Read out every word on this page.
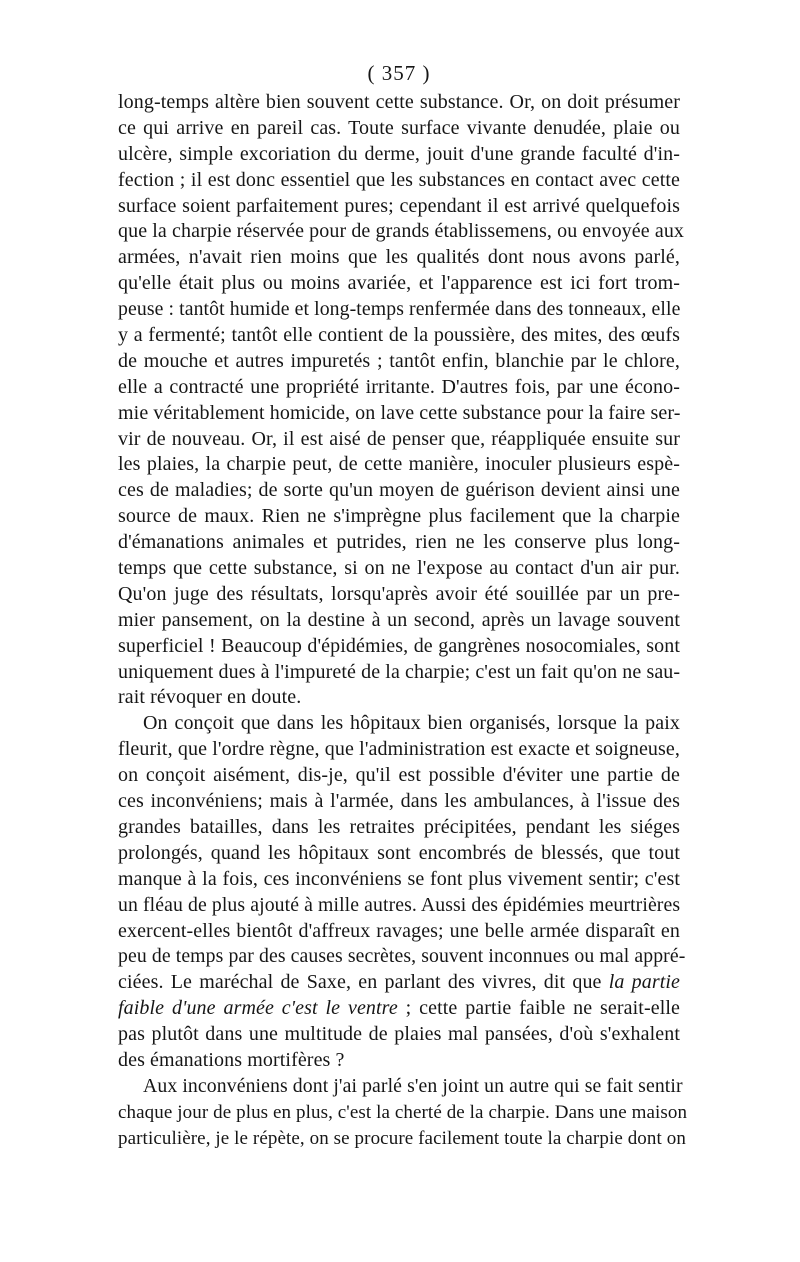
( 357 )

long-temps altère bien souvent cette substance. Or, on doit présumer
ce qui arrive en pareil cas. Toute surface vivante denudée, plaie ou
ulcère, simple excoriation du derme, jouit d'une grande faculté d'in-
fection ; il est donc essentiel que les substances en contact avec cette
surface soient parfaitement pures; cependant il est arrivé quelquefois
que la charpie réservée pour de grands établissemens, ou envoyée aux
armées, n'avait rien moins que les qualités dont nous avons parlé,
qu'elle était plus ou moins avariée, et l'apparence est ici fort trom-
peuse : tantôt humide et long-temps renfermée dans des tonneaux, elle
y a fermenté; tantôt elle contient de la poussière, des mites, des œufs
de mouche et autres impuretés ; tantôt enfin, blanchie par le chlore,
elle a contracté une propriété irritante. D'autres fois, par une écono-
mie véritablement homicide, on lave cette substance pour la faire ser-
vir de nouveau. Or, il est aisé de penser que, réappliquée ensuite sur
les plaies, la charpie peut, de cette manière, inoculer plusieurs espè-
ces de maladies; de sorte qu'un moyen de guérison devient ainsi une
source de maux. Rien ne s'imprègne plus facilement que la charpie
d'émanations animales et putrides, rien ne les conserve plus long-
temps que cette substance, si on ne l'expose au contact d'un air pur.
Qu'on juge des résultats, lorsqu'après avoir été souillée par un pre-
mier pansement, on la destine à un second, après un lavage souvent
superficiel ! Beaucoup d'épidémies, de gangrènes nosocomiales, sont
uniquement dues à l'impureté de la charpie; c'est un fait qu'on ne sau-
rait révoquer en doute.

On conçoit que dans les hôpitaux bien organisés, lorsque la paix
fleurit, que l'ordre règne, que l'administration est exacte et soigneuse,
on conçoit aisément, dis-je, qu'il est possible d'éviter une partie de
ces inconvéniens; mais à l'armée, dans les ambulances, à l'issue des
grandes batailles, dans les retraites précipitées, pendant les siéges
prolongés, quand les hôpitaux sont encombrés de blessés, que tout
manque à la fois, ces inconvéniens se font plus vivement sentir; c'est
un fléau de plus ajouté à mille autres. Aussi des épidémies meurtrières
exercent-elles bientôt d'affreux ravages; une belle armée disparaît en
peu de temps par des causes secrètes, souvent inconnues ou mal appré-
ciées. Le maréchal de Saxe, en parlant des vivres, dit que la partie
faible d'une armée c'est le ventre ; cette partie faible ne serait-elle
pas plutôt dans une multitude de plaies mal pansées, d'où s'exhalent
des émanations mortifères ?

Aux inconvéniens dont j'ai parlé s'en joint un autre qui se fait sentir
chaque jour de plus en plus, c'est la cherté de la charpie. Dans une maison
particulière, je le répète, on se procure facilement toute la charpie dont on
